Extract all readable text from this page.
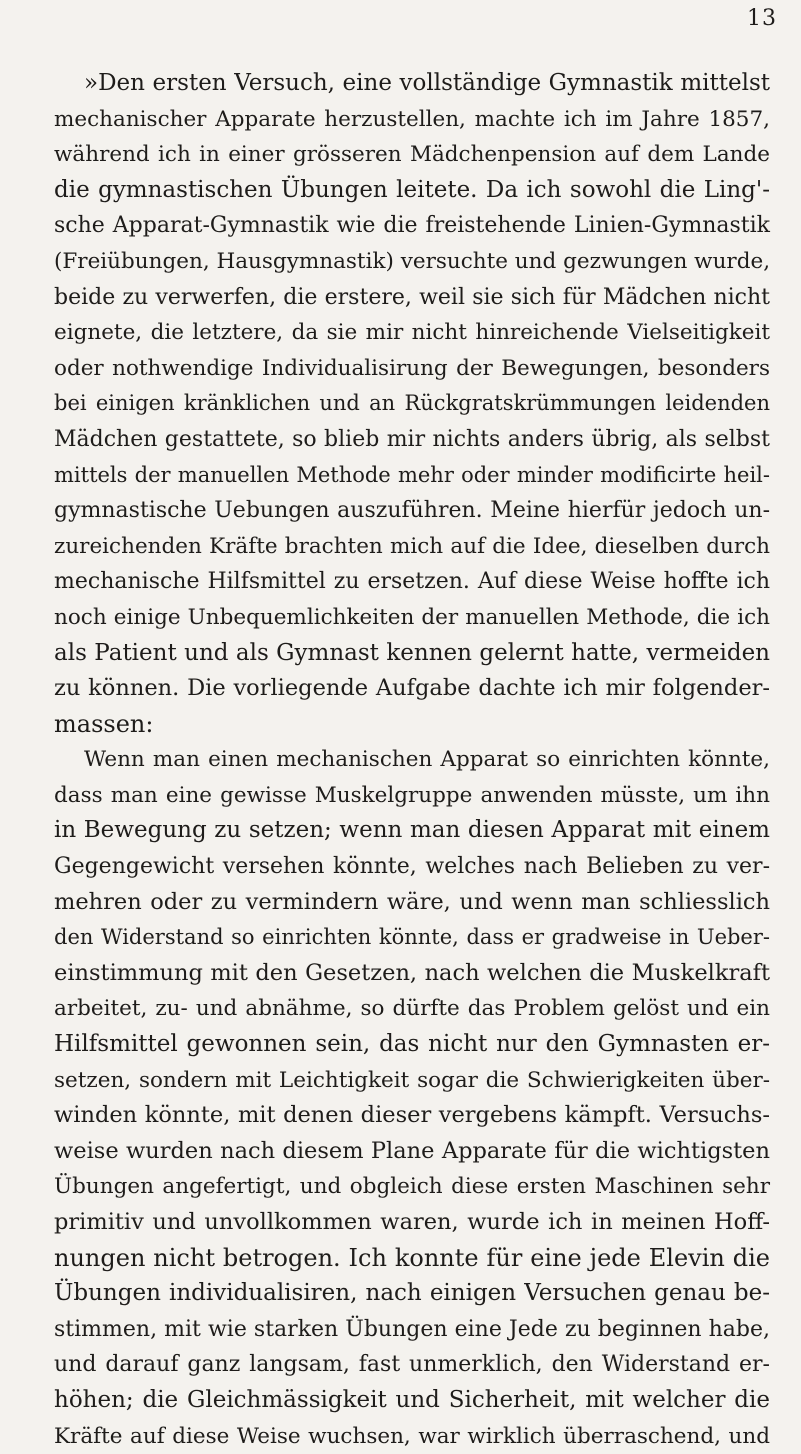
13
»Den ersten Versuch, eine vollständige Gymnastik mittelst
mechanischer Apparate herzustellen, machte ich im Jahre 1857,
während ich in einer grösseren Mädchenpension auf dem Lande
die gymnastischen Übungen leitete. Da ich sowohl die Ling'-
sche Apparat-Gymnastik wie die freistehende Linien-Gymnastik
(Freiübungen, Hausgymnastik) versuchte und gezwungen wurde,
beide zu verwerfen, die erstere, weil sie sich für Mädchen nicht
eignete, die letztere, da sie mir nicht hinreichende Vielseitigkeit
oder nothwendige Individualisirung der Bewegungen, besonders
bei einigen kränklichen und an Rückgratskrümmungen leidenden
Mädchen gestattete, so blieb mir nichts anders übrig, als selbst
mittels der manuellen Methode mehr oder minder modificirte heil-
gymnastische Uebungen auszuführen. Meine hierfür jedoch un-
zureichenden Kräfte brachten mich auf die Idee, dieselben durch
mechanische Hilfsmittel zu ersetzen. Auf diese Weise hoffte ich
noch einige Unbequemlichkeiten der manuellen Methode, die ich
als Patient und als Gymnast kennen gelernt hatte, vermeiden
zu können. Die vorliegende Aufgabe dachte ich mir folgender-
massen:
Wenn man einen mechanischen Apparat so einrichten könnte,
dass man eine gewisse Muskelgruppe anwenden müsste, um ihn
in Bewegung zu setzen; wenn man diesen Apparat mit einem
Gegengewicht versehen könnte, welches nach Belieben zu ver-
mehren oder zu vermindern wäre, und wenn man schliesslich
den Widerstand so einrichten könnte, dass er gradweise in Ueber-
einstimmung mit den Gesetzen, nach welchen die Muskelkraft
arbeitet, zu- und abnähme, so dürfte das Problem gelöst und ein
Hilfsmittel gewonnen sein, das nicht nur den Gymnasten er-
setzen, sondern mit Leichtigkeit sogar die Schwierigkeiten über-
winden könnte, mit denen dieser vergebens kämpft. Versuchs-
weise wurden nach diesem Plane Apparate für die wichtigsten
Übungen angefertigt, und obgleich diese ersten Maschinen sehr
primitiv und unvollkommen waren, wurde ich in meinen Hoff-
nungen nicht betrogen. Ich konnte für eine jede Elevin die
Übungen individualisiren, nach einigen Versuchen genau be-
stimmen, mit wie starken Übungen eine Jede zu beginnen habe,
und darauf ganz langsam, fast unmerklich, den Widerstand er-
höhen; die Gleichmässigkeit und Sicherheit, mit welcher die
Kräfte auf diese Weise wuchsen, war wirklich überraschend, und
